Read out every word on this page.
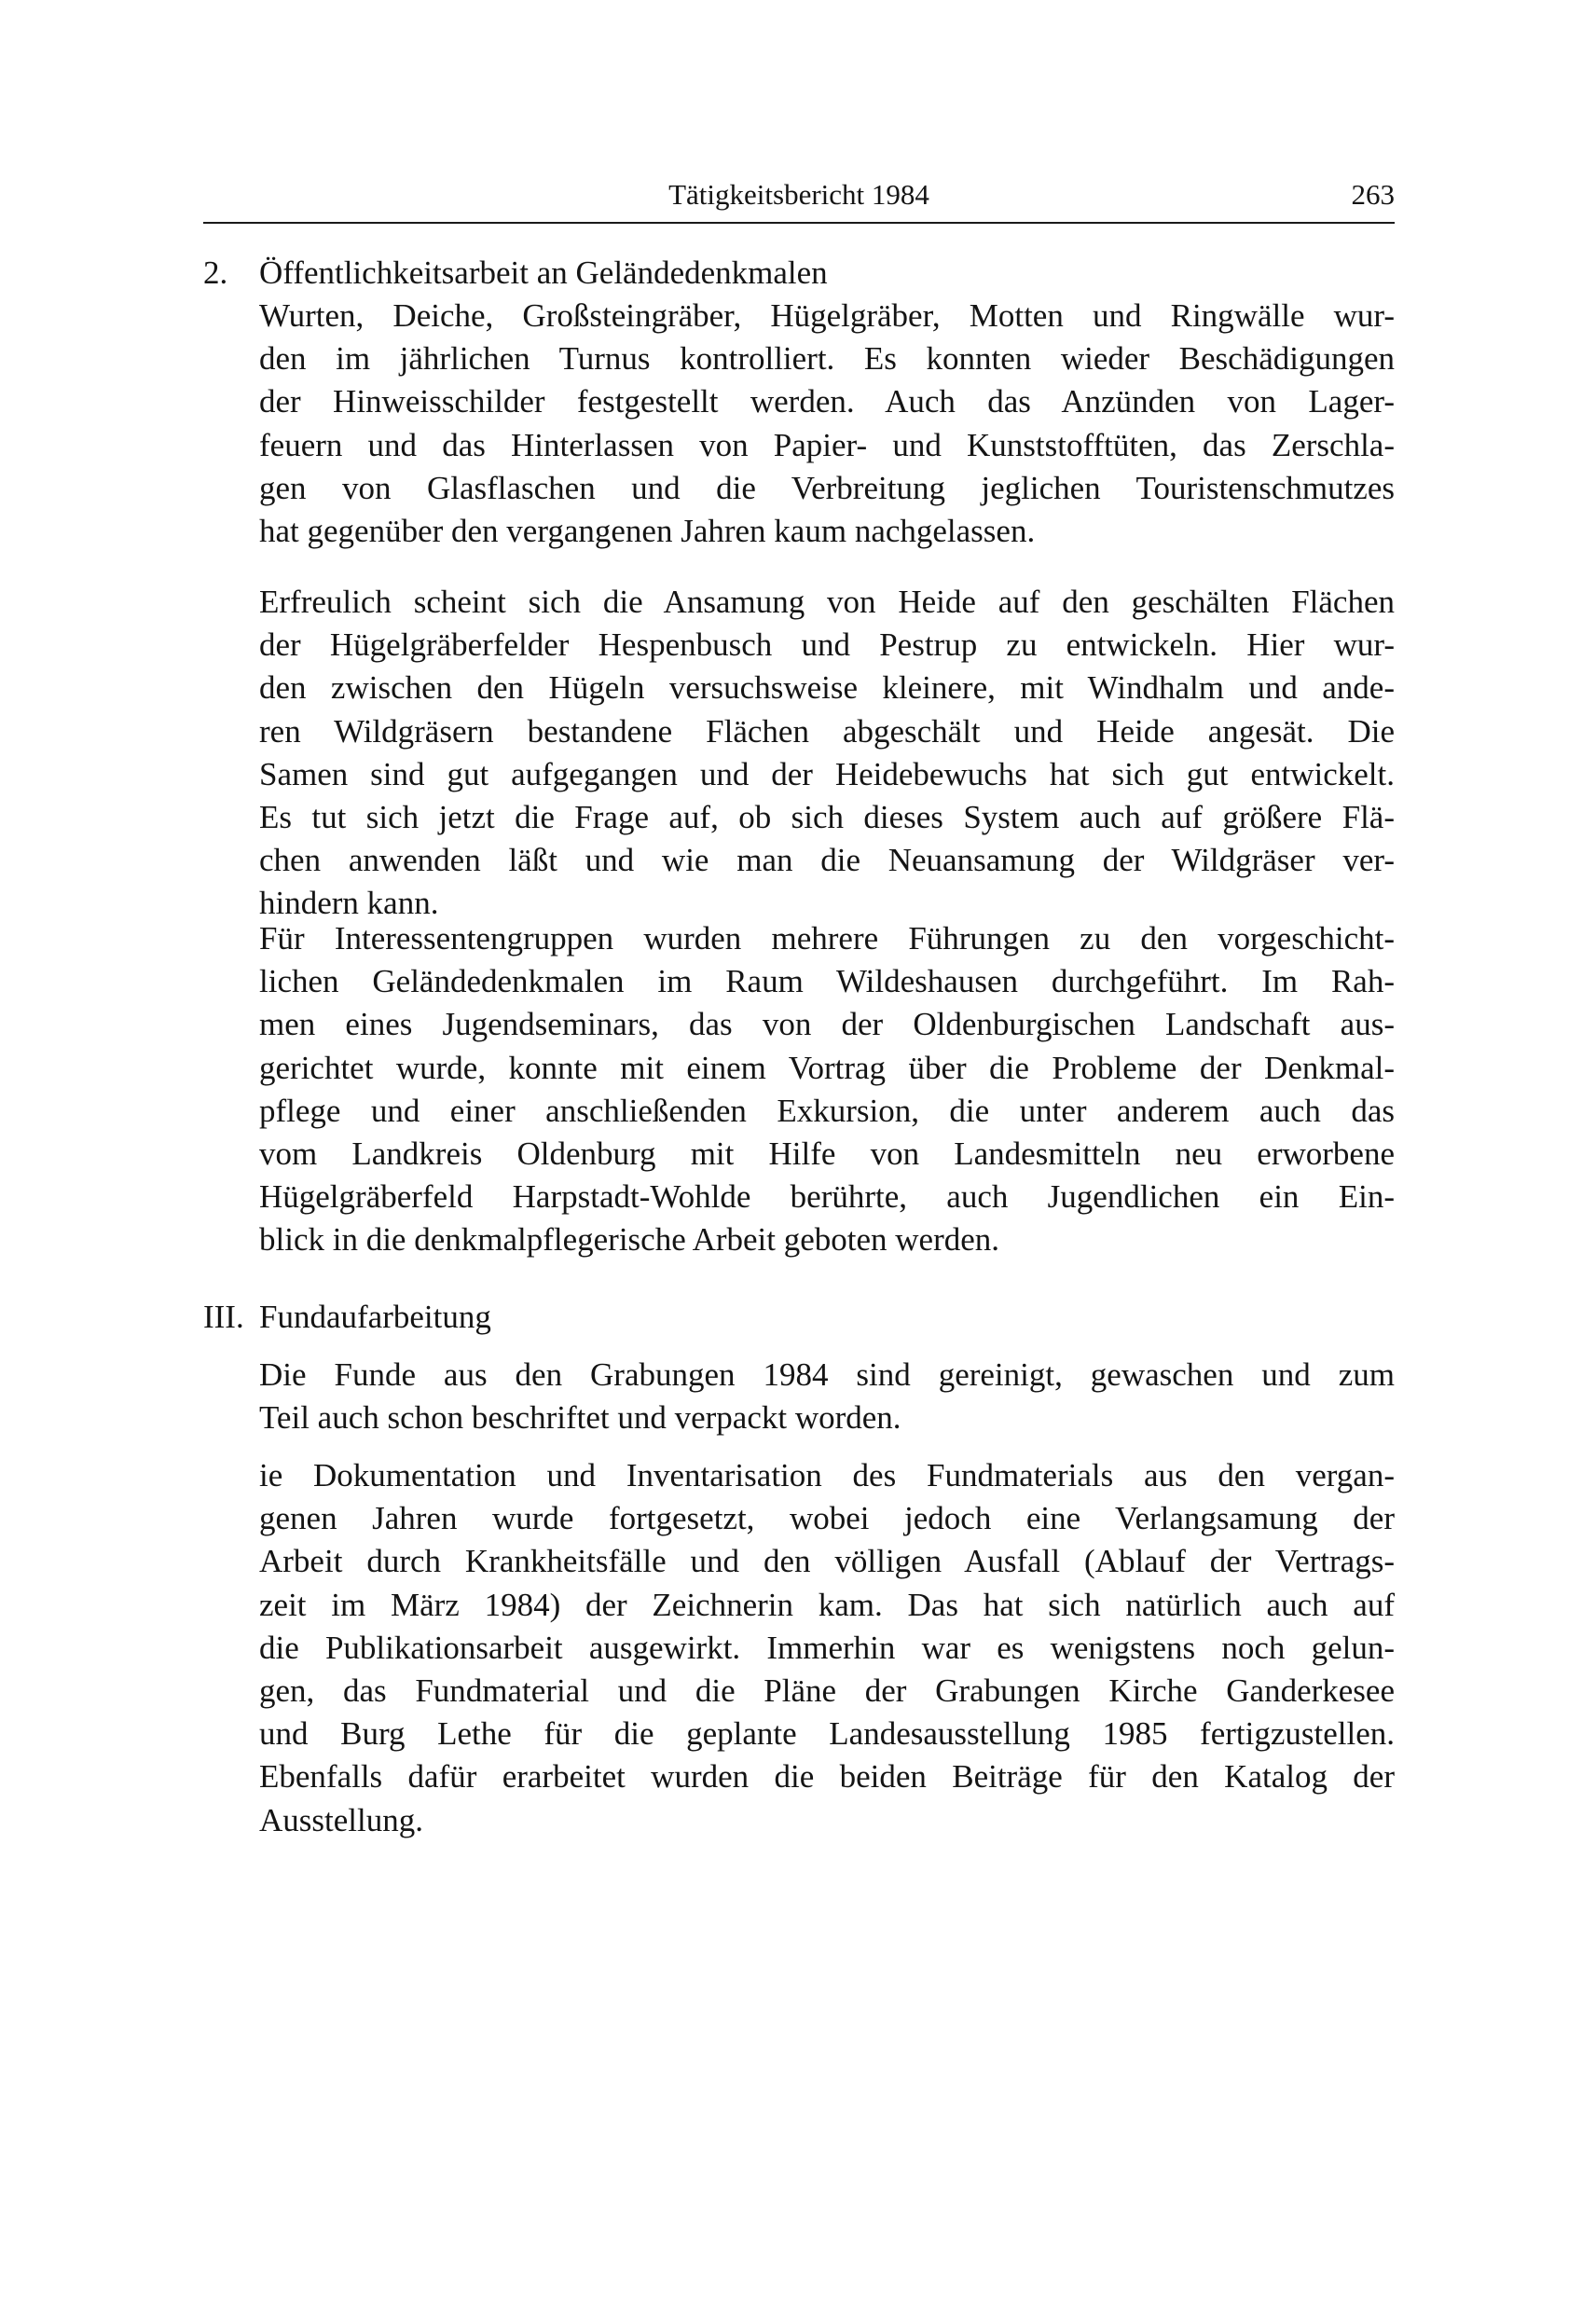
Tätigkeitsbericht 1984	263
2. Öffentlichkeitsarbeit an Geländedenkmalen

Wurten, Deiche, Großsteingräber, Hügelgräber, Motten und Ringwälle wur-

den im jährlichen Turnus kontrolliert. Es konnten wieder Beschädigungen

der Hinweisschilder festgestellt werden. Auch das Anzünden von Lager-

feuern und das Hinterlassen von Papier- und Kunststofftüten, das Zerschla-

gen von Glasflaschen und die Verbreitung jeglichen Touristenschmutzes

hat gegenüber den vergangenen Jahren kaum nachgelassen.

Erfreulich scheint sich die Ansamung von Heide auf den geschälten Flächen

der Hügelgräberfelder Hespenbusch und Pestrup zu entwickeln. Hier wur-

den zwischen den Hügeln versuchsweise kleinere, mit Windhalm und ande-

ren Wildgräsern bestandene Flächen abgeschält und Heide angesät. Die

Samen sind gut aufgegangen und der Heidebewuchs hat sich gut entwickelt.

Es tut sich jetzt die Frage auf, ob sich dieses System auch auf größere Flä-

chen anwenden läßt und wie man die Neuansamung der Wildgräser ver-

hindern kann.

Für Interessentengruppen wurden mehrere Führungen zu den vorgeschicht-

lichen Geländedenkmalen im Raum Wildeshausen durchgeführt. Im Rah-

men eines Jugendseminars, das von der Oldenburgischen Landschaft aus-

gerichtet wurde, konnte mit einem Vortrag über die Probleme der Denkmal-

pflege und einer anschließenden Exkursion, die unter anderem auch das

vom Landkreis Oldenburg mit Hilfe von Landesmitteln neu erworbene

Hügelgräberfeld Harpstadt-Wohlde berührte, auch Jugendlichen ein Ein-

blick in die denkmalpflegerische Arbeit geboten werden.

III. Fundaufarbeitung

Die Funde aus den Grabungen 1984 sind gereinigt, gewaschen und zum

Teil auch schon beschriftet und verpackt worden.

ie Dokumentation und Inventarisation des Fundmaterials aus den vergan-

genen Jahren wurde fortgesetzt, wobei jedoch eine Verlangsamung der

Arbeit durch Krankheitsfälle und den völligen Ausfall (Ablauf der Vertrags-

zeit im März 1984) der Zeichnerin kam. Das hat sich natürlich auch auf

die Publikationsarbeit ausgewirkt. Immerhin war es wenigstens noch gelun-

gen, das Fundmaterial und die Pläne der Grabungen Kirche Ganderkesee

und Burg Lethe für die geplante Landesausstellung 1985 fertigzustellen.

Ebenfalls dafür erarbeitet wurden die beiden Beiträge für den Katalog der

Ausstellung.
